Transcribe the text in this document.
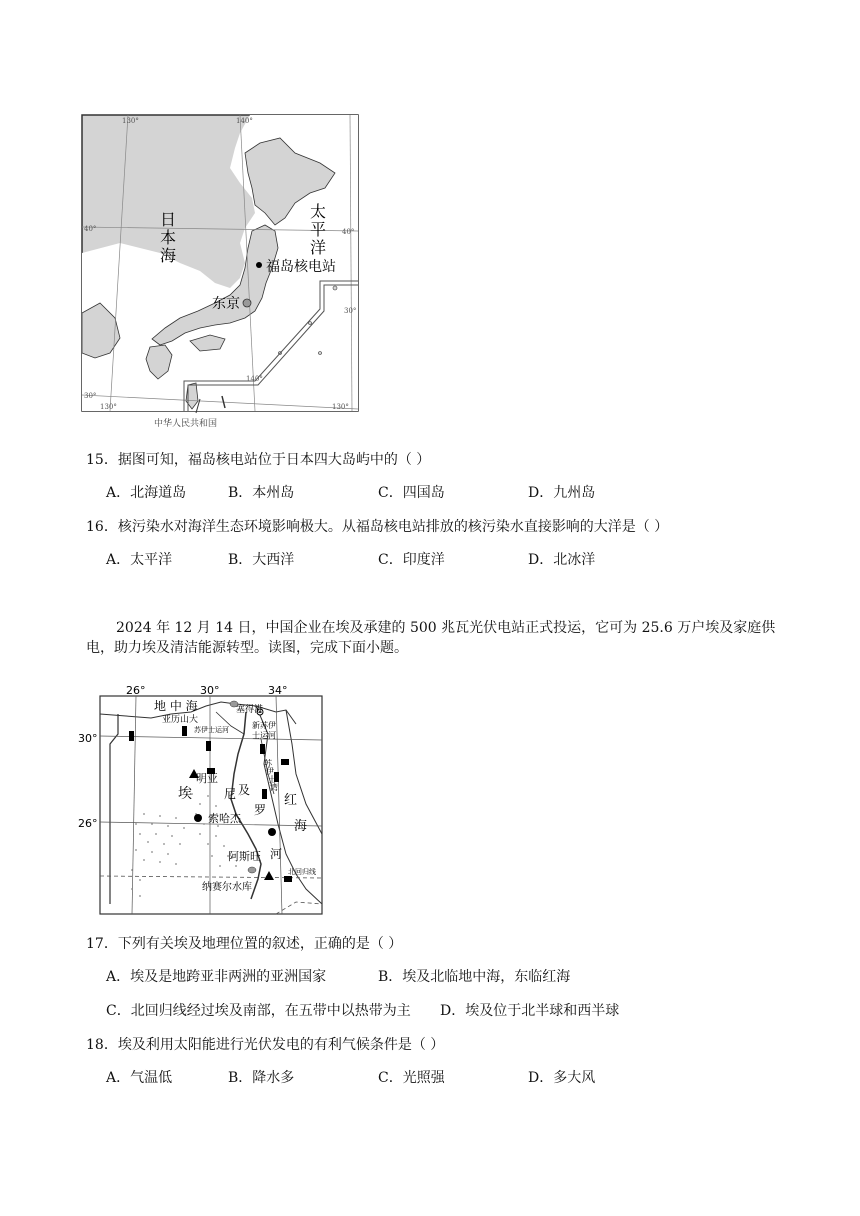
130°	140°
40°	40°
30°
30°
130°
140°
130°
日
本
海
太
平
洋
福岛核电站
东京
中华人民共和国
15．据图可知，福岛核电站位于日本四大岛屿中的（ ）
A．北海道岛	B．本州岛	C．四国岛	D．九州岛
16．核污染水对海洋生态环境影响极大。从福岛核电站排放的核污染水直接影响的大洋是（ ）
A．太平洋	B．大西洋	C．印度洋	D．北冰洋
2024 年 12 月 14 日，中国企业在埃及承建的 500 兆瓦光伏电站正式投运，它可为 25.6 万户埃及家庭供电，助力埃及清洁能源转型。读图，完成下面小题。
26°	30°	34°
30°
26°
地 中 海
亚历山大
塞得港
苏伊士运河	新苏伊
士运河
明亚
埃	尼 及
罗
索哈杰
阿斯旺 河
红
海
苏
伊
士
湾
北回归线
纳赛尔水库
17．下列有关埃及地理位置的叙述，正确的是（ ）
A．埃及是地跨亚非两洲的亚洲国家	B．埃及北临地中海，东临红海
C．北回归线经过埃及南部，在五带中以热带为主 D．埃及位于北半球和西半球
18．埃及利用太阳能进行光伏发电的有利气候条件是（ ）
A．气温低	B．降水多	C．光照强	D．多大风
